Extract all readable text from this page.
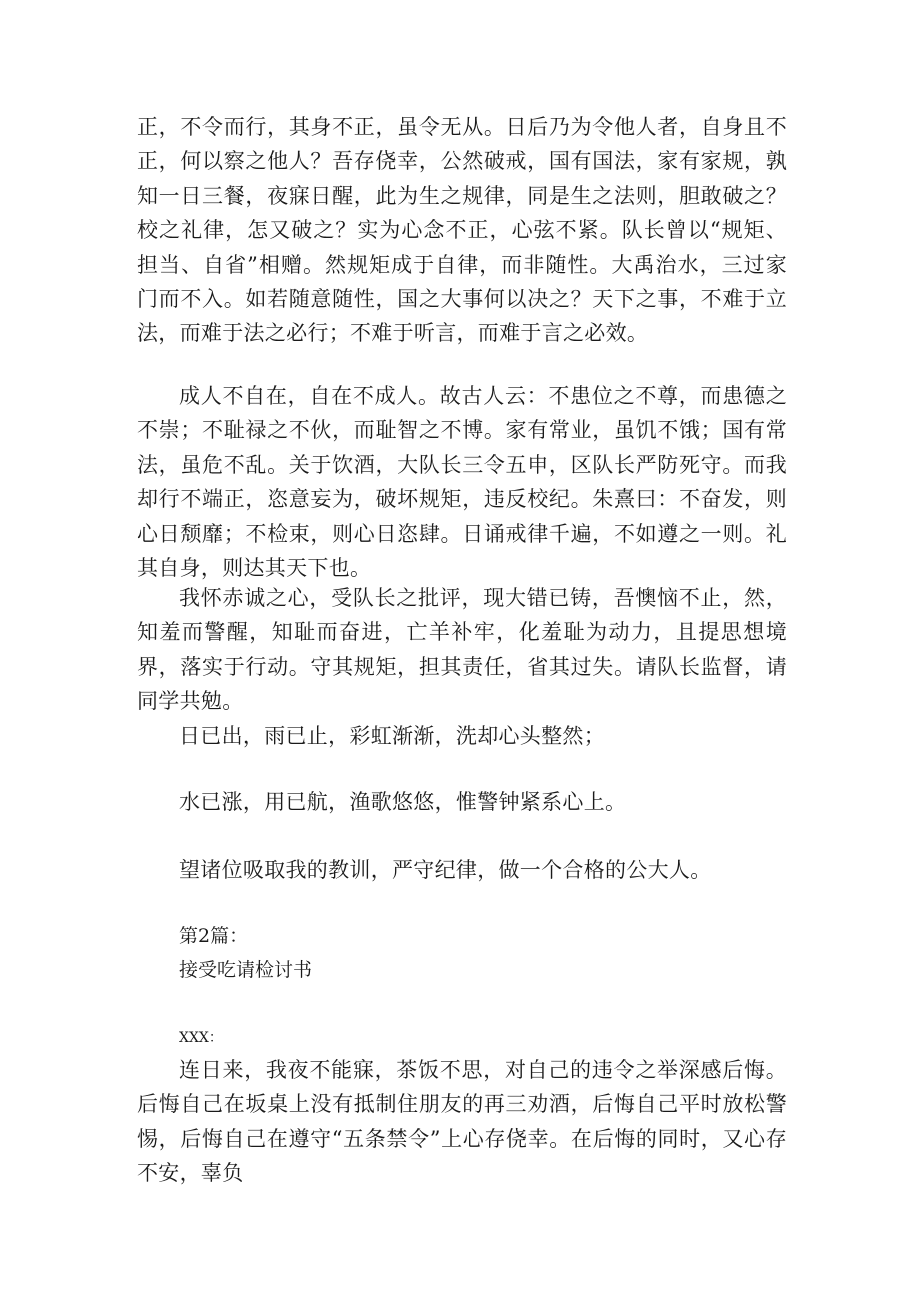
正，不令而行，其身不正，虽令无从。日后乃为令他人者，自身且不正，何以察之他人？吾存侥幸，公然破戒，国有国法，家有家规，孰知一日三餐，夜寐日醒，此为生之规律，同是生之法则，胆敢破之？校之礼律，怎又破之？实为心念不正，心弦不紧。队长曾以“规矩、担当、自省”相赠。然规矩成于自律，而非随性。大禹治水，三过家门而不入。如若随意随性，国之大事何以决之？天下之事，不难于立法，而难于法之必行；不难于听言，而难于言之必效。

成人不自在，自在不成人。故古人云：不患位之不尊，而患德之不崇；不耻禄之不伙，而耻智之不博。家有常业，虽饥不饿；国有常法，虽危不乱。关于饮酒，大队长三令五申，区队长严防死守。而我却行不端正，恣意妄为，破坏规矩，违反校纪。朱熹曰：不奋发，则心日颓靡；不检束，则心日恣肆。日诵戒律千遍，不如遵之一则。礼其自身，则达其天下也。

我怀赤诚之心，受队长之批评，现大错已铸，吾懊恼不止，然，知羞而警醒，知耻而奋进，亡羊补牢，化羞耻为动力，且提思想境界，落实于行动。守其规矩，担其责任，省其过失。请队长监督，请同学共勉。

日已出，雨已止，彩虹渐渐，洗却心头整然；

水已涨，用已航，渔歌悠悠，惟警钟紧系心上。

望诸位吸取我的教训，严守纪律，做一个合格的公大人。

第2篇：

接受吃请检讨书

XXX：

连日来，我夜不能寐，茶饭不思，对自己的违令之举深感后悔。后悔自己在坂桌上没有抵制住朋友的再三劝酒，后悔自己平时放松警惕，后悔自己在遵守“五条禁令”上心存侥幸。在后悔的同时，又心存不安，辜负
